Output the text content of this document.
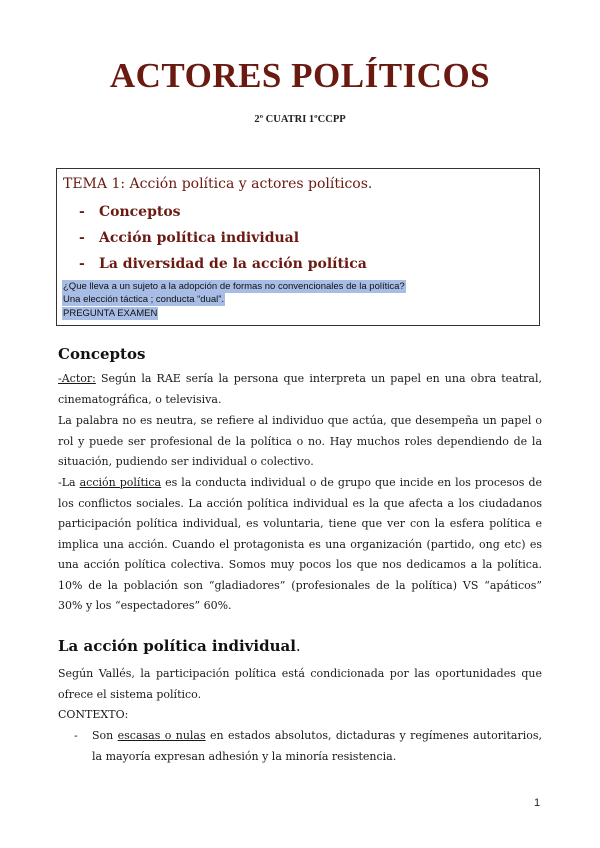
ACTORES POLÍTICOS
2º CUATRI 1ºCCPP
TEMA 1: Acción política y actores políticos.
- Conceptos
- Acción política individual
- La diversidad de la acción política
¿Que lleva a un sujeto a la adopción de formas no convencionales de la política?
Una elección táctica ; conducta “dual”.
PREGUNTA EXAMEN
Conceptos
-Actor: Según la RAE sería la persona que interpreta un papel en una obra teatral, cinematográfica, o televisiva.
La palabra no es neutra, se refiere al individuo que actúa, que desempeña un papel o rol y puede ser profesional de la política o no. Hay muchos roles dependiendo de la situación, pudiendo ser individual o colectivo.
-La acción política es la conducta individual o de grupo que incide en los procesos de los conflictos sociales. La acción política individual es la que afecta a los ciudadanos participación política individual, es voluntaria, tiene que ver con la esfera política e implica una acción. Cuando el protagonista es una organización (partido, ong etc) es una acción política colectiva. Somos muy pocos los que nos dedicamos a la política. 10% de la población son “gladiadores” (profesionales de la política) VS “apáticos” 30% y los “espectadores” 60%.
La acción política individual.
Según Vallés, la participación política está condicionada por las oportunidades que ofrece el sistema político.
CONTEXTO:
- Son escasas o nulas en estados absolutos, dictaduras y regímenes autoritarios, la mayoría expresan adhesión y la minoría resistencia.
1
